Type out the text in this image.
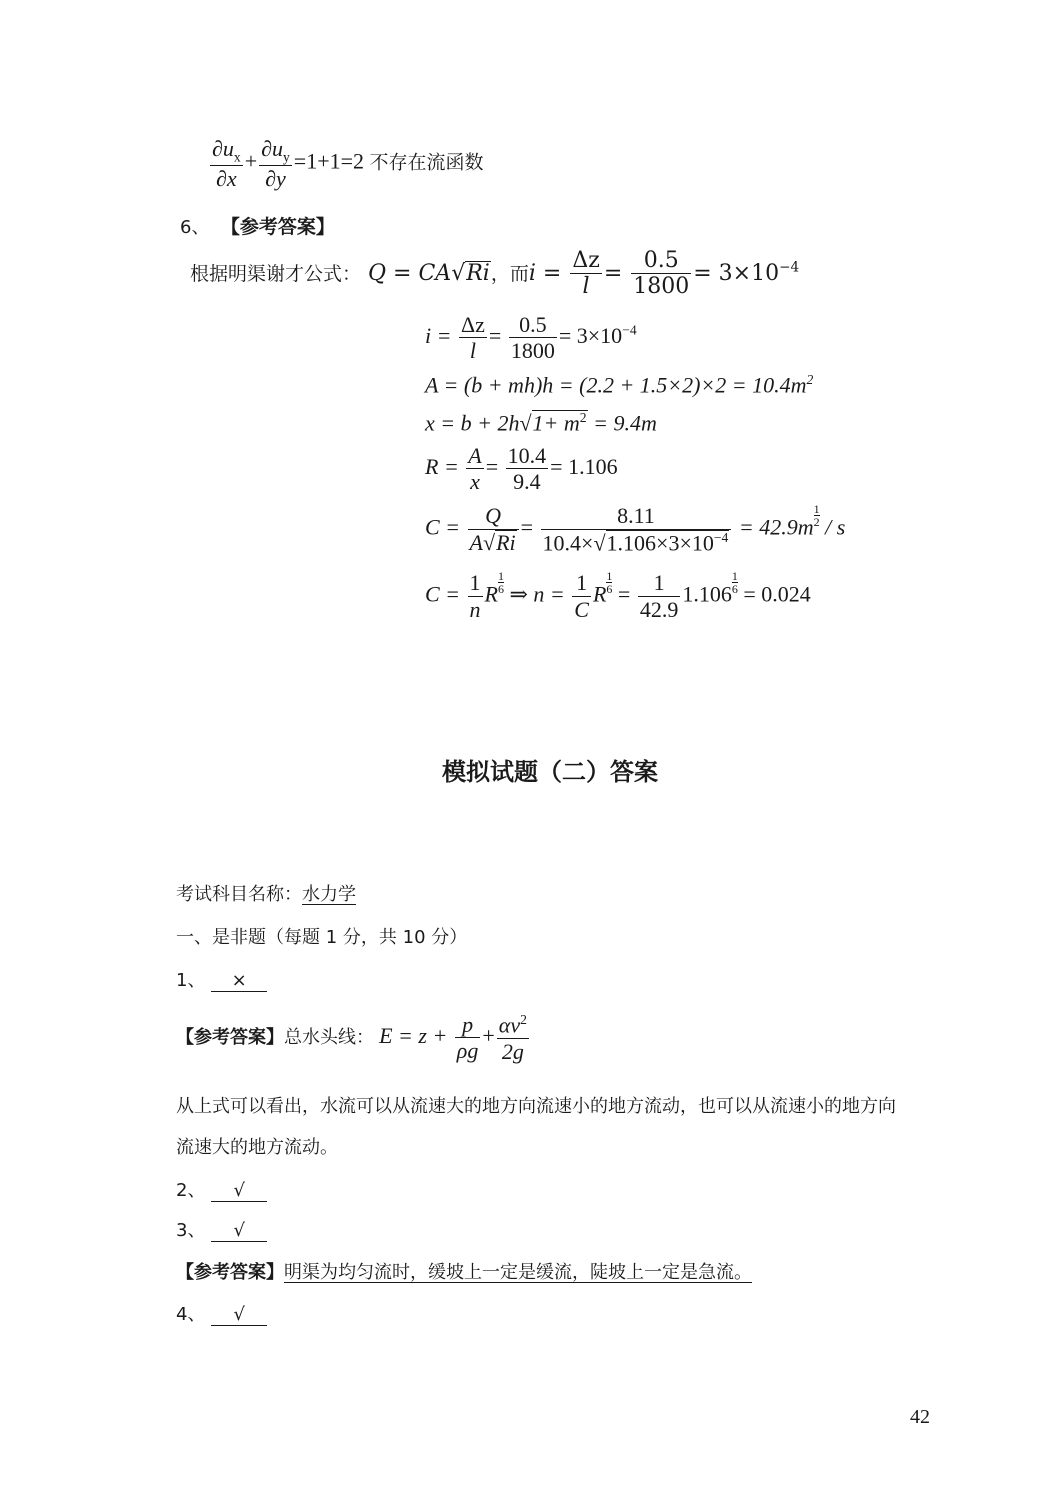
$\frac{\partial u_x}{\partial x} + \frac{\partial u_y}{\partial y} =1+1=2$ 不存在流函数
6、 【参考答案】
根据明渠谢才公式： Q = CA√Ri，而$i = \frac{\Delta z}{l} = \frac{0.5}{1800} = 3\times 10^{-4}$
$i = \frac{\Delta z}{l} = \frac{0.5}{1800} = 3\times 10^{-4}$
$A = (b + mh)h = (2.2 + 1.5\times 2)\times 2 = 10.4m^2$
$x = b + 2h√1+ m^2 = 9.4m$
$R = \frac{A}{x} = \frac{10.4}{9.4} = 1.106$
$C = \frac{Q}{A√Ri} = \frac{8.11}{10.4\times√1.106\times 3\times 10^{-4}} = 42.9m \frac{1}{2} / s$
$C = \frac{1}{n}$ R $\frac{1}{6}$ ⇒ $n = \frac{1}{C}$ R $\frac{1}{6} = \frac{1}{42.9} 1.106 \frac{1}{6} = 0.024$
模拟试题（二）答案
考试科目名称：水力学
一、是非题（每题 1 分，共 10 分）
1、 ×
【参考答案】总水头线： $E = z + \frac{p}{\rho g} + \frac{\alpha v^2}{2g}$
从上式可以看出，水流可以从流速大的地方向流速小的地方流动，也可以从流速小的地方向
流速大的地方流动。
2、 √
3、 √
【参考答案】明渠为均匀流时，缓坡上一定是缓流，陡坡上一定是急流。
4、 √
42
